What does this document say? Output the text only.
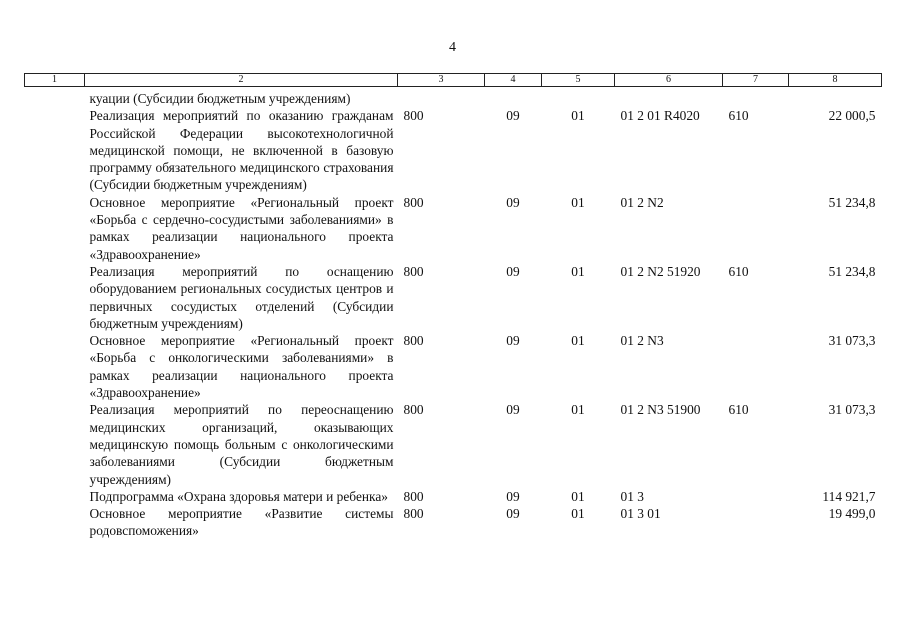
4
1	2	3	4	5	6	7	8
	куации (Субсидии бюджетным учреждениям)						
	Реализация мероприятий по оказанию гражданам Российской Федерации высокотехнологичной медицинской помощи, не включенной в базовую программу обязательного медицинского страхования (Субсидии бюджетным учреждениям)	800	09	01	01 2 01 R4020	610	22 000,5
	Основное мероприятие «Региональный проект «Борьба с сердечно-сосудистыми заболеваниями» в рамках реализации национального проекта «Здравоохранение»	800	09	01	01 2 N2		51 234,8
	Реализация мероприятий по оснащению оборудованием региональных сосудистых центров и первичных сосудистых отделений (Субсидии бюджетным учреждениям)	800	09	01	01 2 N2 51920	610	51 234,8
	Основное мероприятие «Региональный проект «Борьба с онкологическими заболеваниями» в рамках реализации национального проекта «Здравоохранение»	800	09	01	01 2 N3		31 073,3
	Реализация мероприятий по переоснащению медицинских организаций, оказывающих медицинскую помощь больным с онкологическими заболеваниями (Субсидии бюджетным учреждениям)	800	09	01	01 2 N3 51900	610	31 073,3
	Подпрограмма «Охрана здоровья матери и ребенка»	800	09	01	01 3		114 921,7
	Основное мероприятие «Развитие системы родовспоможения»	800	09	01	01 3 01		19 499,0
